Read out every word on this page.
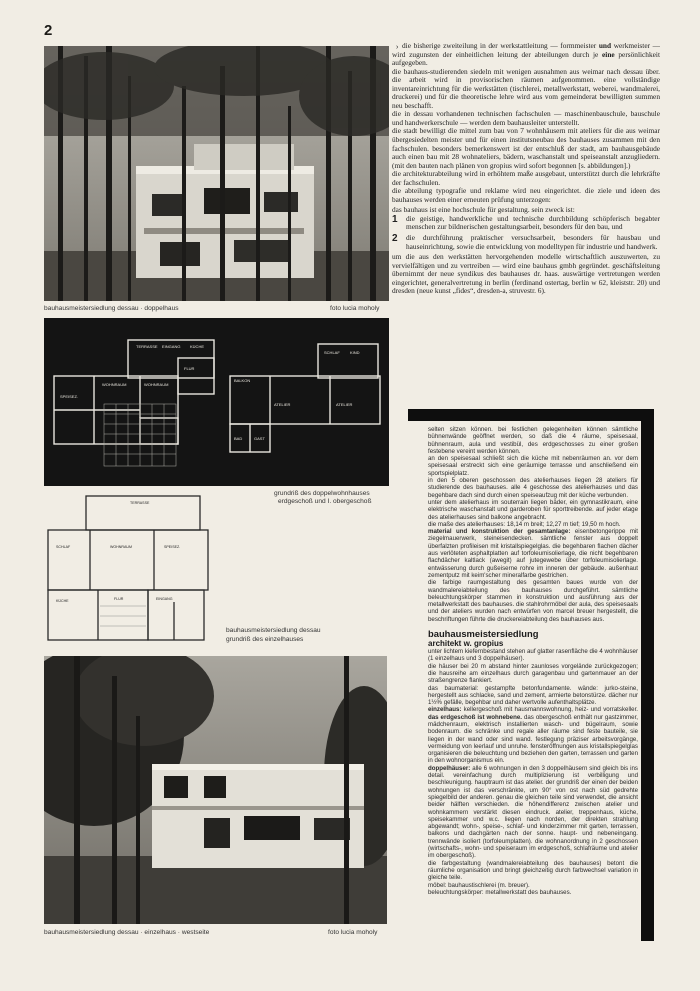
2
bauhausmeistersiedlung dessau · doppelhaus	foto lucia moholy
TERRASSE EINGANG KÜCHE
WOHNRAUM	WOHNRAUM
SPEISEZ.
FLUR
ATELIER	ATELIER
BALKON
SCHLAF	KIND
BAD	GAST
grundriß des doppelwohnhauses
erdgeschoß und I. obergeschoß
TERRASSE
WOHNRAUM	SPEISEZ.
SCHLAF
KÜCHE	FLUR	EINGANG
bauhausmeistersiedlung dessau
grundriß des einzelhauses
bauhausmeistersiedlung dessau · einzelhaus · westseite	foto lucia moholy
› die bisherige zweiteilung in der werkstattleitung — formmeister und werkmeister — wird zugunsten der einheitlichen leitung der abteilungen durch je eine persönlichkeit aufgegeben.

die bauhaus-studierenden siedeln mit wenigen ausnahmen aus weimar nach dessau über. die arbeit wird in provisorischen räumen aufgenommen. eine vollständige inventareinrichtung für die werkstätten (tischlerei, metallwerkstatt, weberei, wandmalerei, druckerei) und für die theoretische lehre wird aus vom gemeinderat bewilligten summen neu beschafft.

die in dessau vorhandenen technischen fachschulen — maschinenbauschule, bauschule und handwerkerschule — werden dem bauhausleiter unterstellt.

die stadt bewilligt die mittel zum bau von 7 wohnhäusern mit ateliers für die aus weimar übergesiedelten meister und für einen institutsneubau des bauhauses zusammen mit den fachschulen. besonders bemerkenswert ist der entschluß der stadt, am bauhausgebäude auch einen bau mit 28 wohnateliers, bädern, waschanstalt und speiseanstalt anzugliedern. (mit den bauten nach plänen von gropius wird sofort begonnen [s. abbildungen].)

die architekturabteilung wird in erhöhtem maße ausgebaut, unterstützt durch die lehrkräfte der fachschulen.

die abteilung typografie und reklame wird neu eingerichtet. die ziele und ideen des bauhauses werden einer erneuten prüfung unterzogen:

das bauhaus ist eine hochschule für gestaltung. sein zweck ist:

1	die geistige, handwerkliche und technische durchbildung schöpferisch begabter menschen zur bildnerischen gestaltungsarbeit, besonders für den bau, und

2	die durchführung praktischer versuchsarbeit, besonders für hausbau und hauseinrichtung, sowie die entwicklung von modelltypen für industrie und handwerk.

um die aus den werkstätten hervorgehenden modelle wirtschaftlich auszuwerten, zu vervielfältigen und zu vertreiben — wird eine bauhaus gmbh gegründet. geschäftsleitung übernimmt der neue syndikus des bauhauses dr. haas. auswärtige vertretungen werden eingerichtet, generalvertretung in berlin (ferdinand ostertag, berlin w 62, kleiststr. 20) und dresden (neue kunst „fides“, dresden-a, struvestr. 6).

selten sitzen können. bei festlichen gelegenheiten können sämtliche bühnenwände geöffnet werden, so daß die 4 räume, speisesaal, bühnenraum, aula und vestibül, des erdgeschosses zu einer großen festebene vereint werden können.

an den speisesaal schließt sich die küche mit nebenräumen an. vor dem speisesaal erstreckt sich eine geräumige terrasse und anschließend ein sportspielplatz.

in den 5 oberen geschossen des atelierhauses liegen 28 ateliers für studierende des bauhauses. alle 4 geschosse des atelierhauses und das begehbare dach sind durch einen speiseaufzug mit der küche verbunden.

unter dem atelierhaus im souterrain liegen bäder, ein gymnastikraum, eine elektrische waschanstalt und garderoben für sporttreibende. auf jeder etage des atelierhauses sind balkone angebracht.

die maße des atelierhauses: 18,14 m breit; 12,27 m tief; 19,50 m hoch.

material und konstruktion der gesamtanlage: eisenbetongerippe mit ziegelmauerwerk, steineisendecken. sämtliche fenster aus doppelt überfalzten profileisen mit kristallspiegelglas. die begehbaren flachen dächer aus verlöteten asphaltplatten auf torfoleumisolierlage, die nicht begehbaren flachdächer kaltlack (awegit) auf jutegewebe über torfoleumisolierlage. entwässerung durch gußeiserne rohre im inneren der gebäude. außenhaut zementputz mit keim'scher mineralfarbe gestrichen.

die farbige raumgestaltung des gesamten baues wurde von der wandmalereiabteilung des bauhauses durchgeführt. sämtliche beleuchtungskörper stammen in konstruktion und ausführung aus der metallwerkstatt des bauhauses. die stahlrohrmöbel der aula, des speisesaals und der ateliers wurden nach entwürfen von marcel breuer hergestellt, die beschriftungen führte die druckereiabteilung des bauhauses aus.

bauhausmeistersiedlung

architekt w. gropius

unter lichtem kiefernbestand stehen auf glatter rasenfläche die 4 wohnhäuser (1 einzelhaus und 3 doppelhäuser).

die häuser bei 20 m abstand hinter zaunloses vorgelände zurückgezogen; die hausreihe am einzelhaus durch garagenbau und gartenmauer an der straßengrenze flankiert.

das baumaterial: gestampfte betonfundamente. wände: jurko-steine, hergestellt aus schlacke, sand und zement, armierte betonstürze. dächer nur 1½% gefälle, begehbar und daher wertvolle aufenthaltsplätze.

einzelhaus: kellergeschoß mit hausmannswohnung, heiz- und vorratskeller. das erdgeschoß ist wohnebene. das obergeschoß enthält nur gastzimmer, mädchenraum, elektrisch installierten wasch- und bügelraum, sowie bodenraum. die schränke und regale aller räume sind feste bauteile, sie liegen in der wand oder sind wand. festlegung präziser arbeitsvorgänge, vermeidung von leerlauf und unruhe. fensteröffnungen aus kristallspiegelglas organisieren die beleuchtung und beziehen den garten, terrassen und garten in den wohnorganismus ein.

doppelhäuser: alle 6 wohnungen in den 3 doppelhäusern sind gleich bis ins detail. vereinfachung durch multiplizierung ist verbilligung und beschleunigung. hauptraum ist das atelier. der grundriß der einen der beiden wohnungen ist das verschränkte, um 90° von ost nach süd gedrehte spiegelbild der anderen. genau die gleichen teile sind verwendet, die ansicht beider hälften verschieden. die höhendifferenz zwischen atelier und wohnkammern verstärkt diesen eindruck. atelier, treppenhaus, küche, speisekammer und w.c. liegen nach norden, der direkten strahlung abgewandt; wohn-, speise-, schlaf- und kinderzimmer mit garten, terrassen, balkons und dachgärten nach der sonne. haupt- und nebeneingang. trennwände isoliert (torfoleumplatten). die wohnanordnung in 2 geschossen (wirtschafts-, wohn- und speiseraum im erdgeschoß, schlafräume und atelier im obergeschoß).

die farbgestaltung (wandmalereiabteilung des bauhauses) betont die räumliche organisation und bringt gleichzeitig durch farbwechsel variation in gleiche teile.

möbel: bauhaustischlerei (m. breuer).

beleuchtungskörper: metallwerkstatt des bauhauses.
